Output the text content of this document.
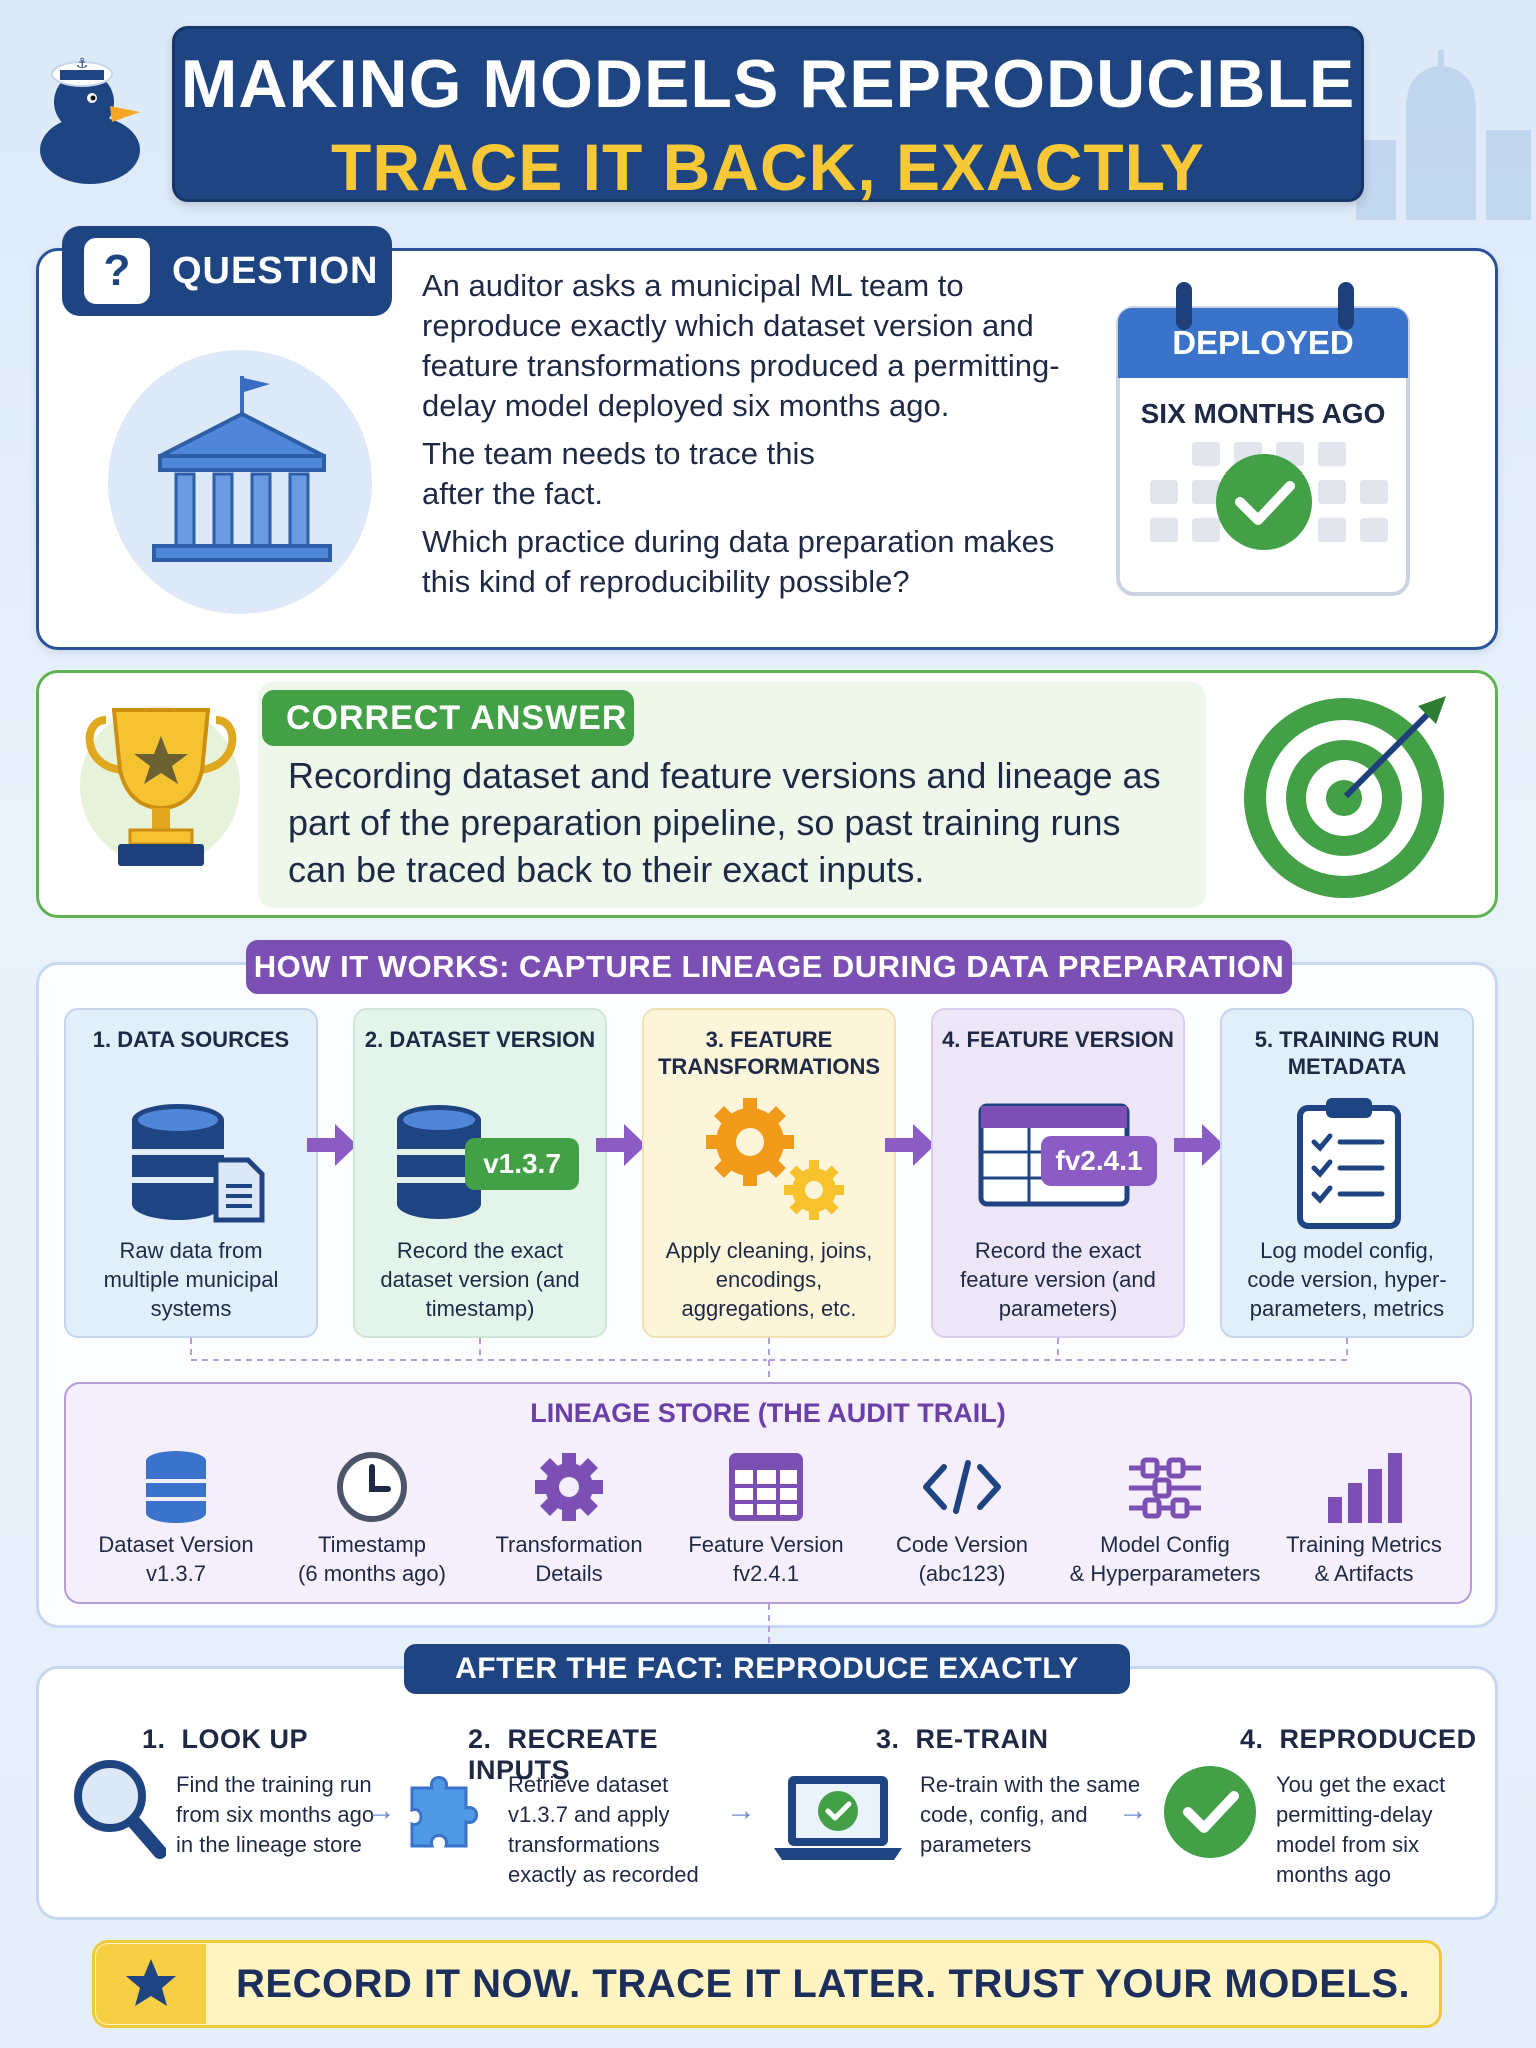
⚓ MAKING MODELS REPRODUCIBLE
TRACE IT BACK, EXACTLY
?	QUESTION An auditor asks a municipal ML team to reproduce exactly which dataset version and feature transformations produced a permitting-delay model deployed six months ago.

The team needs to trace this after the fact.

Which practice during data preparation makes this kind of reproducibility possible?

DEPLOYED
SIX MONTHS AGO
CORRECT ANSWER
Recording dataset and feature versions and lineage as part of the preparation pipeline, so past training runs can be traced back to their exact inputs.
HOW IT WORKS: CAPTURE LINEAGE DURING DATA PREPARATION
1. DATA SOURCES
Raw data from multiple municipal systems
2. DATASET VERSION
v1.3.7
Record the exact dataset version (and timestamp)
3. FEATURE TRANSFORMATIONS
Apply cleaning, joins, encodings, aggregations, etc.
4. FEATURE VERSION
fv2.4.1
Record the exact feature version (and parameters)
5. TRAINING RUN METADATA
Log model config, code version, hyper-parameters, metrics
LINEAGE STORE (THE AUDIT TRAIL)
Dataset Version
v1.3.7
Timestamp
(6 months ago)
Transformation
Details
Feature Version
fv2.4.1
Code Version
(abc123)
Model Config
& Hyperparameters
Training Metrics
& Artifacts
AFTER THE FACT: REPRODUCE EXACTLY
1. LOOK UP
Find the training run
from six months ago
in the lineage store
→
2. RECREATE INPUTS
Retrieve dataset
v1.3.7 and apply
transformations
exactly as recorded
→
3. RE-TRAIN
Re-train with the same
code, config, and
parameters
→
4. REPRODUCED
You get the exact
permitting-delay
model from six
months ago
RECORD IT NOW. TRACE IT LATER. TRUST YOUR MODELS.
